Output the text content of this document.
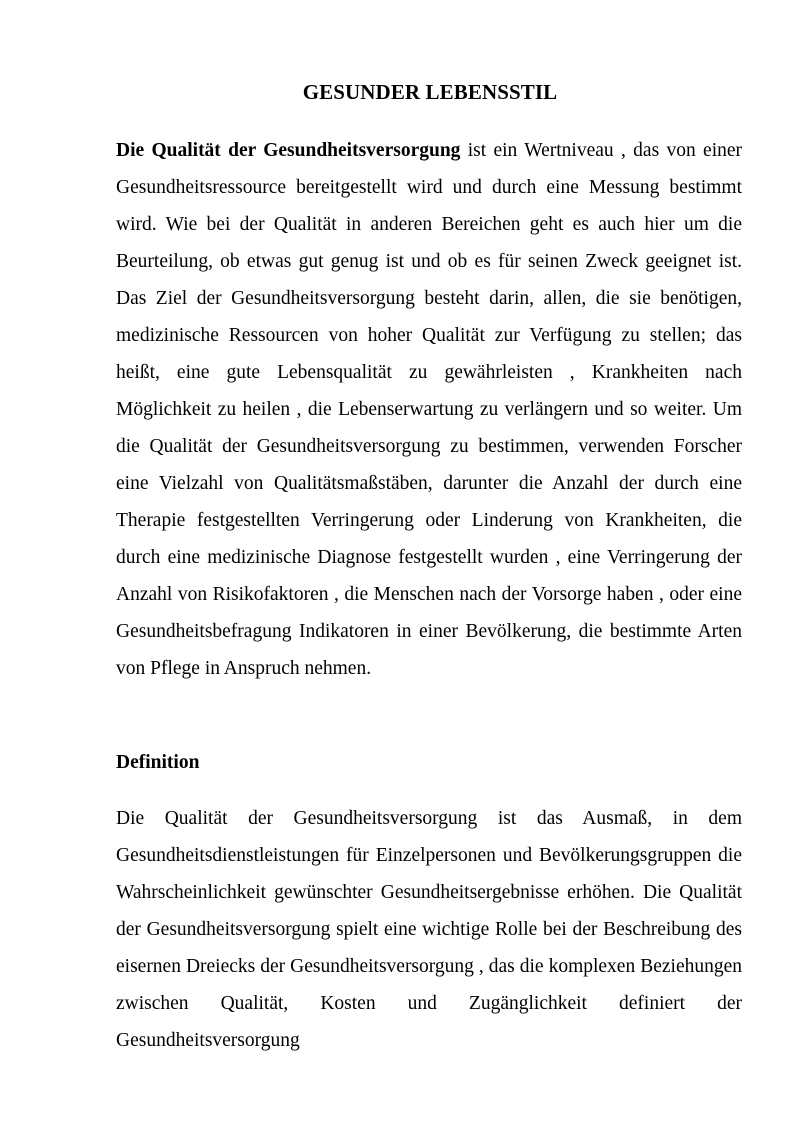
GESUNDER LEBENSSTIL

Die Qualität der Gesundheitsversorgung ist ein Wertniveau , das von einer Gesundheitsressource bereitgestellt wird und durch eine Messung bestimmt wird. Wie bei der Qualität in anderen Bereichen geht es auch hier um die Beurteilung, ob etwas gut genug ist und ob es für seinen Zweck geeignet ist. Das Ziel der Gesundheitsversorgung besteht darin, allen, die sie benötigen, medizinische Ressourcen von hoher Qualität zur Verfügung zu stellen; das heißt, eine gute Lebensqualität zu gewährleisten , Krankheiten nach Möglichkeit zu heilen , die Lebenserwartung zu verlängern und so weiter. Um die Qualität der Gesundheitsversorgung zu bestimmen, verwenden Forscher eine Vielzahl von Qualitätsmaßstäben, darunter die Anzahl der durch eine Therapie festgestellten Verringerung oder Linderung von Krankheiten, die durch eine medizinische Diagnose festgestellt wurden , eine Verringerung der Anzahl von Risikofaktoren , die Menschen nach der Vorsorge haben , oder eine Gesundheitsbefragung Indikatoren in einer Bevölkerung, die bestimmte Arten von Pflege in Anspruch nehmen.

Definition

Die Qualität der Gesundheitsversorgung ist das Ausmaß, in dem Gesundheitsdienstleistungen für Einzelpersonen und Bevölkerungsgruppen die Wahrscheinlichkeit gewünschter Gesundheitsergebnisse erhöhen. Die Qualität der Gesundheitsversorgung spielt eine wichtige Rolle bei der Beschreibung des eisernen Dreiecks der Gesundheitsversorgung , das die komplexen Beziehungen zwischen Qualität, Kosten und Zugänglichkeit definiert der Gesundheitsversorgung
